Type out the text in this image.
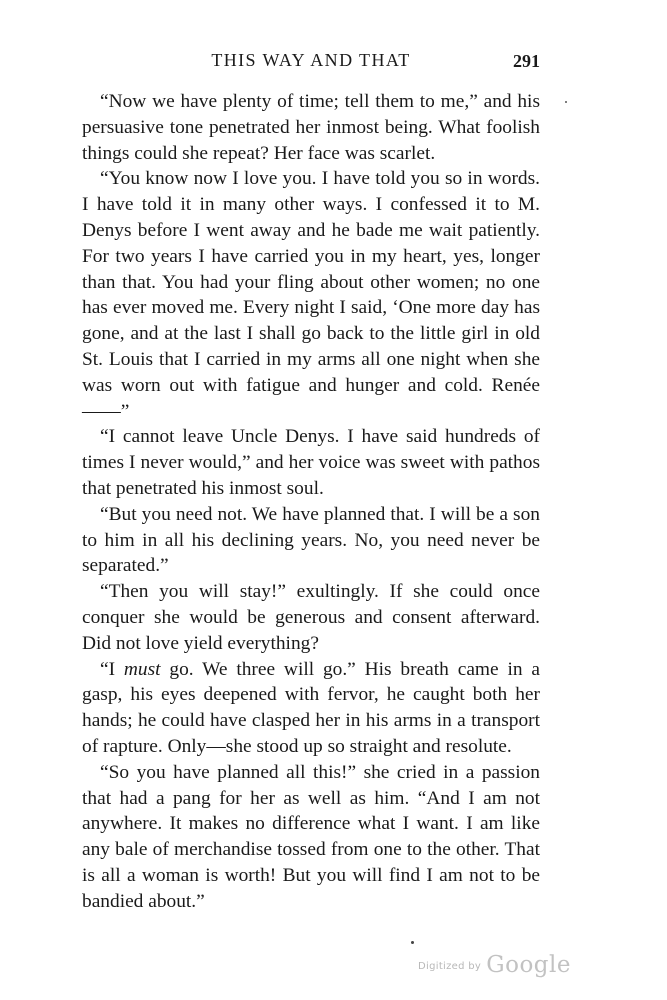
THIS WAY AND THAT	291

“Now we have plenty of time; tell them to me,” and his persuasive tone penetrated her inmost being. What foolish things could she repeat? Her face was scarlet.

“You know now I love you. I have told you so in words. I have told it in many other ways. I confessed it to M. Denys before I went away and he bade me wait patiently. For two years I have carried you in my heart, yes, longer than that. You had your fling about other women; no one has ever moved me. Every night I said, ‘One more day has gone, and at the last I shall go back to the little girl in old St. Louis that I carried in my arms all one night when she was worn out with fatigue and hunger and cold. Renée——”

“I cannot leave Uncle Denys. I have said hundreds of times I never would,” and her voice was sweet with pathos that penetrated his inmost soul.

“But you need not. We have planned that. I will be a son to him in all his declining years. No, you need never be separated.”

“Then you will stay!” exultingly. If she could once conquer she would be generous and consent afterward. Did not love yield everything?

“I must go. We three will go.” His breath came in a gasp, his eyes deepened with fervor, he caught both her hands; he could have clasped her in his arms in a transport of rapture. Only—she stood up so straight and resolute.

“So you have planned all this!” she cried in a passion that had a pang for her as well as him. “And I am not anywhere. It makes no difference what I want. I am like any bale of merchandise tossed from one to the other. That is all a woman is worth! But you will find I am not to be bandied about.”

Digitized by Google
